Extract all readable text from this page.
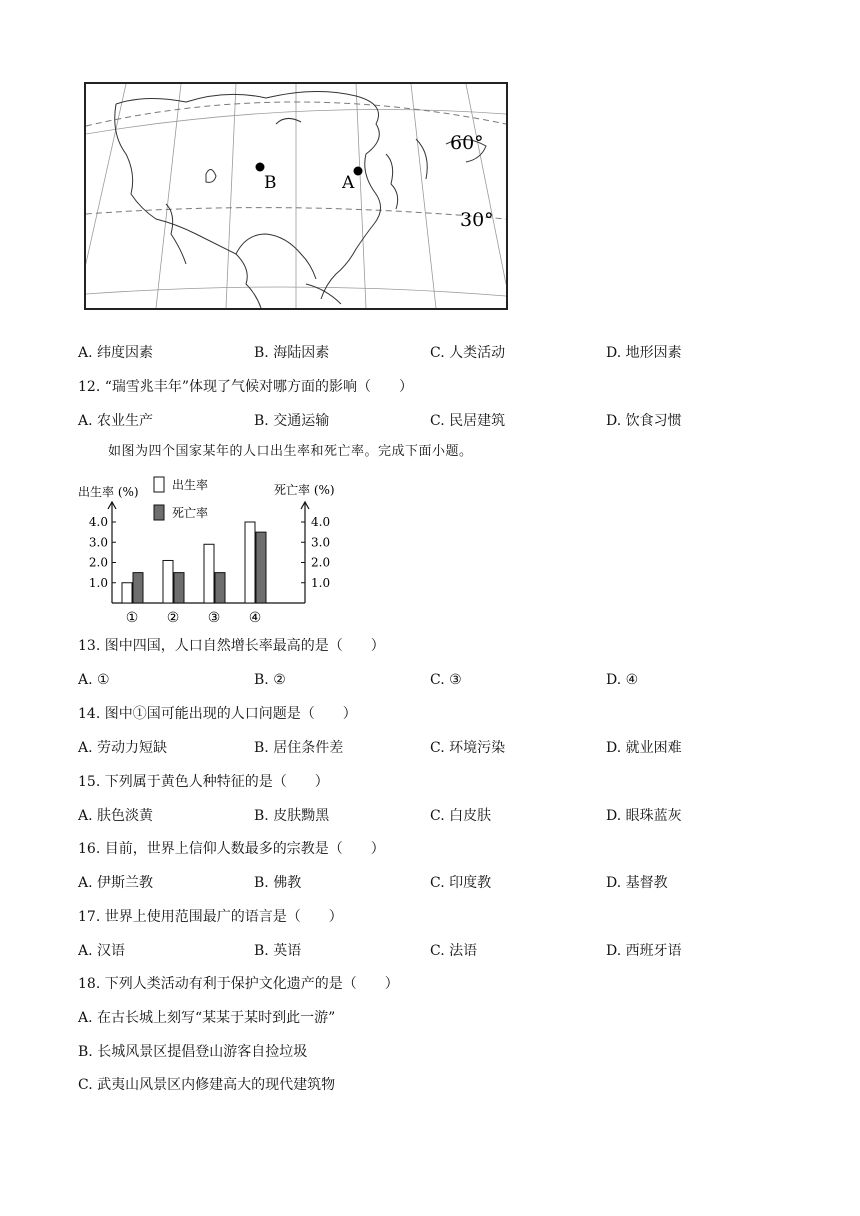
B	A
60°
30°
A. 纬度因素	B. 海陆因素	C. 人类活动	D. 地形因素
12. “瑞雪兆丰年”体现了气候对哪方面的影响（　　）
A. 农业生产	B. 交通运输	C. 民居建筑	D. 饮食习惯
如图为四个国家某年的人口出生率和死亡率。完成下面小题。
出生率 (%)	死亡率 (%)
1.0	1.0
2.0	2.0
3.0	3.0
4.0	4.0
出生率
死亡率
① ② ③ ④
13. 图中四国，人口自然增长率最高的是（　　）
A. ①	B. ②	C. ③	D. ④
14. 图中①国可能出现的人口问题是（　　）
A. 劳动力短缺	B. 居住条件差	C. 环境污染	D. 就业困难
15. 下列属于黄色人种特征的是（　　）
A. 肤色淡黄	B. 皮肤黝黑	C. 白皮肤	D. 眼珠蓝灰
16. 目前，世界上信仰人数最多的宗教是（　　）
A. 伊斯兰教	B. 佛教	C. 印度教	D. 基督教
17. 世界上使用范围最广的语言是（　　）
A. 汉语	B. 英语	C. 法语	D. 西班牙语
18. 下列人类活动有利于保护文化遗产的是（　　）
A. 在古长城上刻写“某某于某时到此一游”
B. 长城风景区提倡登山游客自捡垃圾
C. 武夷山风景区内修建高大的现代建筑物
